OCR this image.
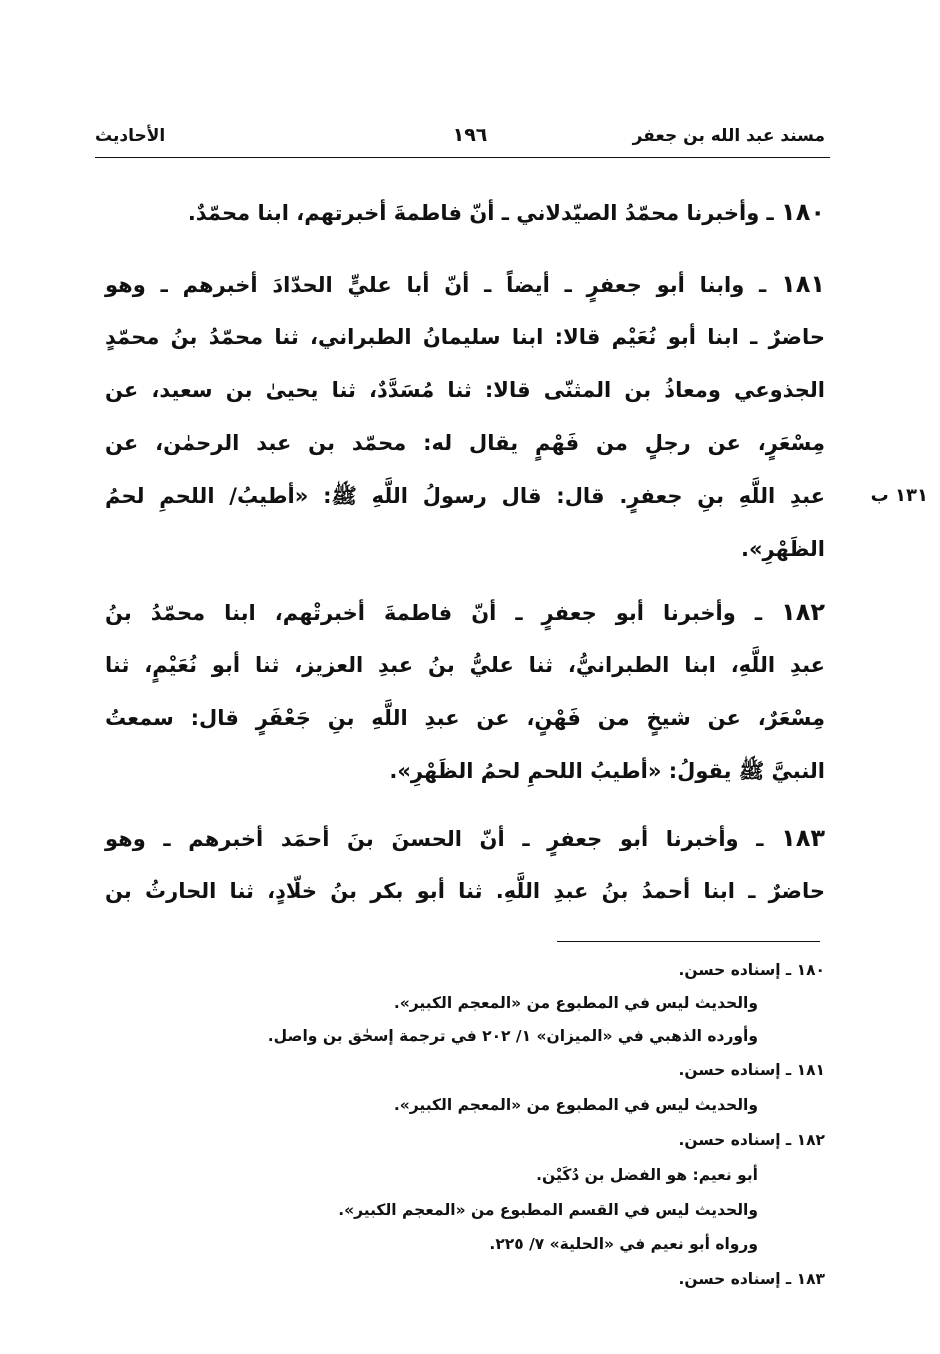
مسند عبد الله بن جعفر
١٩٦
الأحاديث
١٨٠ ـ وأخبرنا محمّدُ الصيّدلاني ـ أنّ فاطمةَ أخبرتهم، ابنا محمّدٌ.
١٨١ ـ وابنا أبو جعفرٍ ـ أيضاً ـ أنّ أبا عليٍّ الحدّادَ أخبرهم ـ وهو
حاضرٌ ـ ابنا أبو نُعَيْم قالا: ابنا سليمانُ الطبراني، ثنا محمّدُ بنُ محمّدٍ
الجذوعي ومعاذُ بن المثنّى قالا: ثنا مُسَدَّدٌ، ثنا يحيىٰ بن سعيد، عن
مِسْعَرٍ، عن رجلٍ من فَهْمٍ يقال له: محمّد بن عبد الرحمٰن، عن
عبدِ اللَّهِ بنِ جعفرٍ. قال: قال رسولُ اللَّهِ ﷺ: «أطيبُ/ اللحمِ لحمُ
الظَهْرِ».
١٣١ ب
١٨٢ ـ وأخبرنا أبو جعفرٍ ـ أنّ فاطمةَ أخبرتْهم، ابنا محمّدُ بنُ
عبدِ اللَّهِ، ابنا الطبرانيُّ، ثنا عليُّ بنُ عبدِ العزيز، ثنا أبو نُعَيْمٍ، ثنا
مِسْعَرٌ، عن شيخٍ من فَهْنٍ، عن عبدِ اللَّهِ بنِ جَعْفَرٍ قال: سمعتُ
النبيَّ ﷺ يقولُ: «أطيبُ اللحمِ لحمُ الظَهْرِ».
١٨٣ ـ وأخبرنا أبو جعفرٍ ـ أنّ الحسنَ بنَ أحمَد أخبرهم ـ وهو
حاضرٌ ـ ابنا أحمدُ بنُ عبدِ اللَّهِ. ثنا أبو بكر بنُ خلّادٍ، ثنا الحارثُ بن
١٨٠ ـ إسناده حسن.
والحديث ليس في المطبوع من «المعجم الكبير».
وأورده الذهبي في «الميزان» ١/ ٢٠٢ في ترجمة إسحٰق بن واصل.
١٨١ ـ إسناده حسن.
والحديث ليس في المطبوع من «المعجم الكبير».
١٨٢ ـ إسناده حسن.
أبو نعيم: هو الفضل بن دُكَيْن.
والحديث ليس في القسم المطبوع من «المعجم الكبير».
ورواه أبو نعيم في «الحلية» ٧/ ٢٢٥.
١٨٣ ـ إسناده حسن.
